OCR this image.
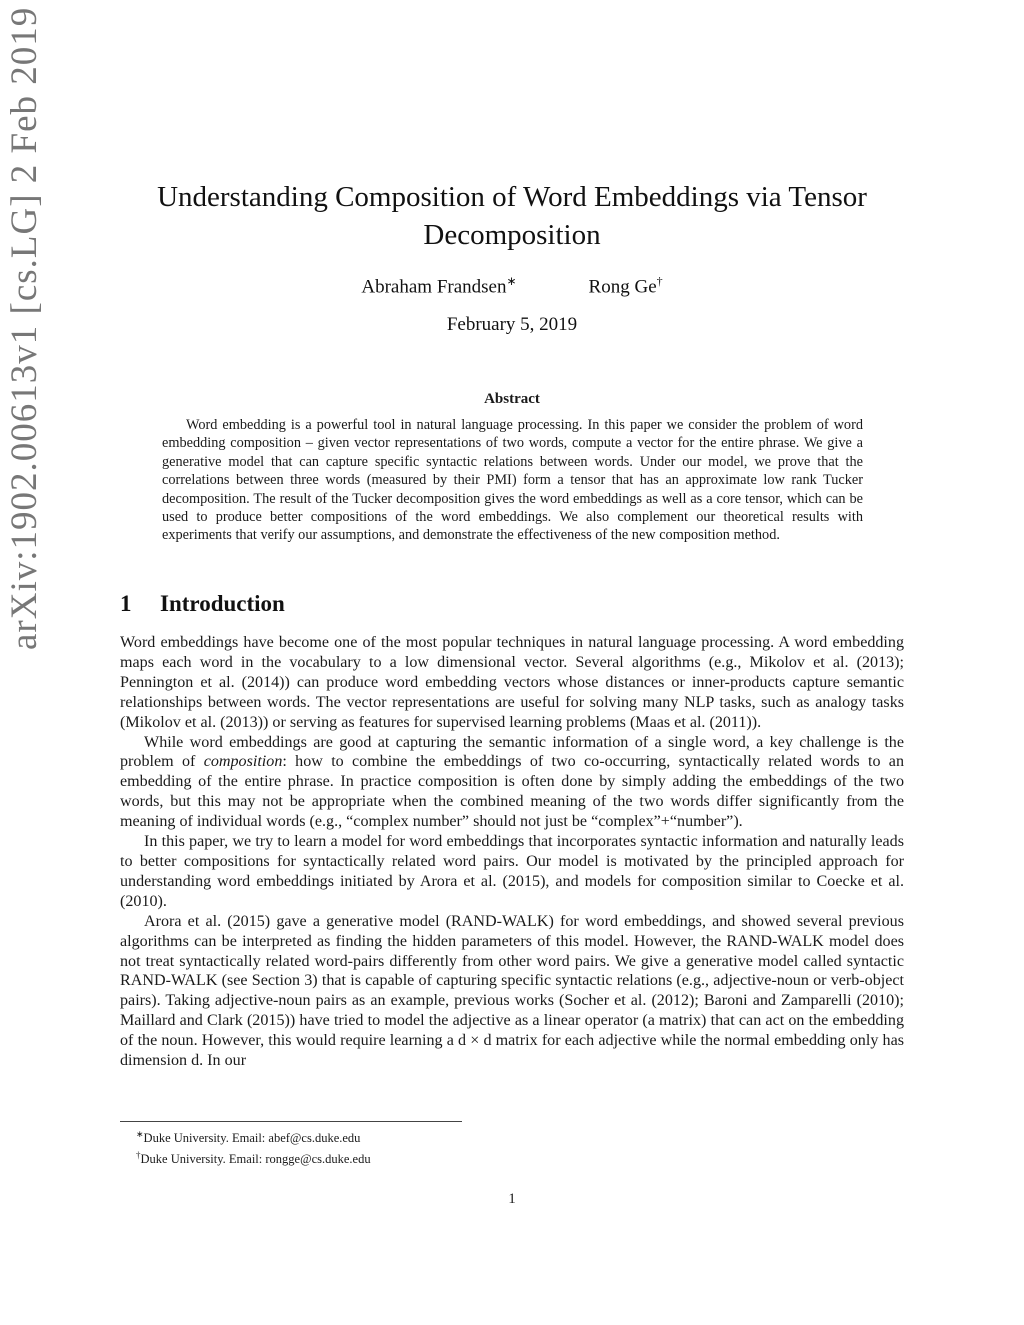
arXiv:1902.00613v1 [cs.LG] 2 Feb 2019	Understanding Composition of Word Embeddings via Tensor Decomposition
Abraham Frandsen∗	Rong Ge†
February 5, 2019
Abstract
Word embedding is a powerful tool in natural language processing. In this paper we consider the problem of word embedding composition – given vector representations of two words, compute a vector for the entire phrase. We give a generative model that can capture specific syntactic relations between words. Under our model, we prove that the correlations between three words (measured by their PMI) form a tensor that has an approximate low rank Tucker decomposition. The result of the Tucker decomposition gives the word embeddings as well as a core tensor, which can be used to produce better compositions of the word embeddings. We also complement our theoretical results with experiments that verify our assumptions, and demonstrate the effectiveness of the new composition method.
1 Introduction

Word embeddings have become one of the most popular techniques in natural language processing. A word embedding maps each word in the vocabulary to a low dimensional vector. Several algorithms (e.g., Mikolov et al. (2013); Pennington et al. (2014)) can produce word embedding vectors whose distances or inner-products capture semantic relationships between words. The vector representations are useful for solving many NLP tasks, such as analogy tasks (Mikolov et al. (2013)) or serving as features for supervised learning problems (Maas et al. (2011)).

While word embeddings are good at capturing the semantic information of a single word, a key challenge is the problem of composition: how to combine the embeddings of two co-occurring, syntactically related words to an embedding of the entire phrase. In practice composition is often done by simply adding the embeddings of the two words, but this may not be appropriate when the combined meaning of the two words differ significantly from the meaning of individual words (e.g., “complex number” should not just be “complex”+“number”).

In this paper, we try to learn a model for word embeddings that incorporates syntactic information and naturally leads to better compositions for syntactically related word pairs. Our model is motivated by the principled approach for understanding word embeddings initiated by Arora et al. (2015), and models for composition similar to Coecke et al. (2010).

Arora et al. (2015) gave a generative model (RAND-WALK) for word embeddings, and showed several previous algorithms can be interpreted as finding the hidden parameters of this model. However, the RAND-WALK model does not treat syntactically related word-pairs differently from other word pairs. We give a generative model called syntactic RAND-WALK (see Section 3) that is capable of capturing specific syntactic relations (e.g., adjective-noun or verb-object pairs). Taking adjective-noun pairs as an example, previous works (Socher et al. (2012); Baroni and Zamparelli (2010); Maillard and Clark (2015)) have tried to model the adjective as a linear operator (a matrix) that can act on the embedding of the noun. However, this would require learning a d × d matrix for each adjective while the normal embedding only has dimension d. In our

∗Duke University. Email: abef@cs.duke.edu
†Duke University. Email: rongge@cs.duke.edu
1
